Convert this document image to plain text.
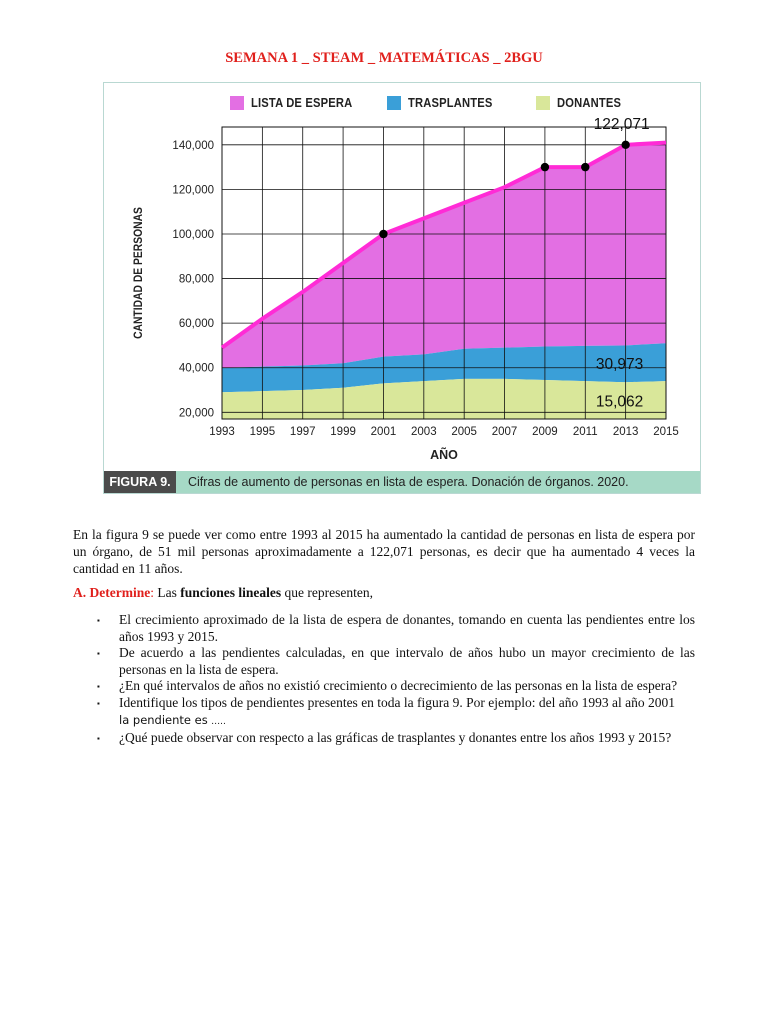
SEMANA 1 _ STEAM _ MATEMÁTICAS _ 2BGU
LISTA DE ESPERA	TRASPLANTES	DONANTES
20,000
40,000
60,000
80,000
100,000
120,000
140,000
1993 1995 1997 1999 2001 2003 2005 2007 2009 2011 2013 2015
AÑO
CANTIDAD DE PERSONAS
122,071
30,973
15,062
FIGURA 9.	Cifras de aumento de personas en lista de espera. Donación de órganos. 2020.
En la figura 9 se puede ver como entre 1993 al 2015 ha aumentado la cantidad de personas en lista de espera por un órgano, de 51 mil personas aproximadamente a 122,071 personas, es decir que ha aumentado 4 veces la cantidad en 11 años.
A. Determine: Las funciones lineales que representen,
▪ El crecimiento aproximado de la lista de espera de donantes, tomando en cuenta las pendientes entre los años 1993 y 2015.
▪ De acuerdo a las pendientes calculadas, en que intervalo de años hubo un mayor crecimiento de las personas en la lista de espera.
▪ ¿En qué intervalos de años no existió crecimiento o decrecimiento de las personas en la lista de espera?
▪ Identifique los tipos de pendientes presentes en toda la figura 9. Por ejemplo: del año 1993 al año 2001
la pendiente es …..
▪ ¿Qué puede observar con respecto a las gráficas de trasplantes y donantes entre los años 1993 y 2015?
